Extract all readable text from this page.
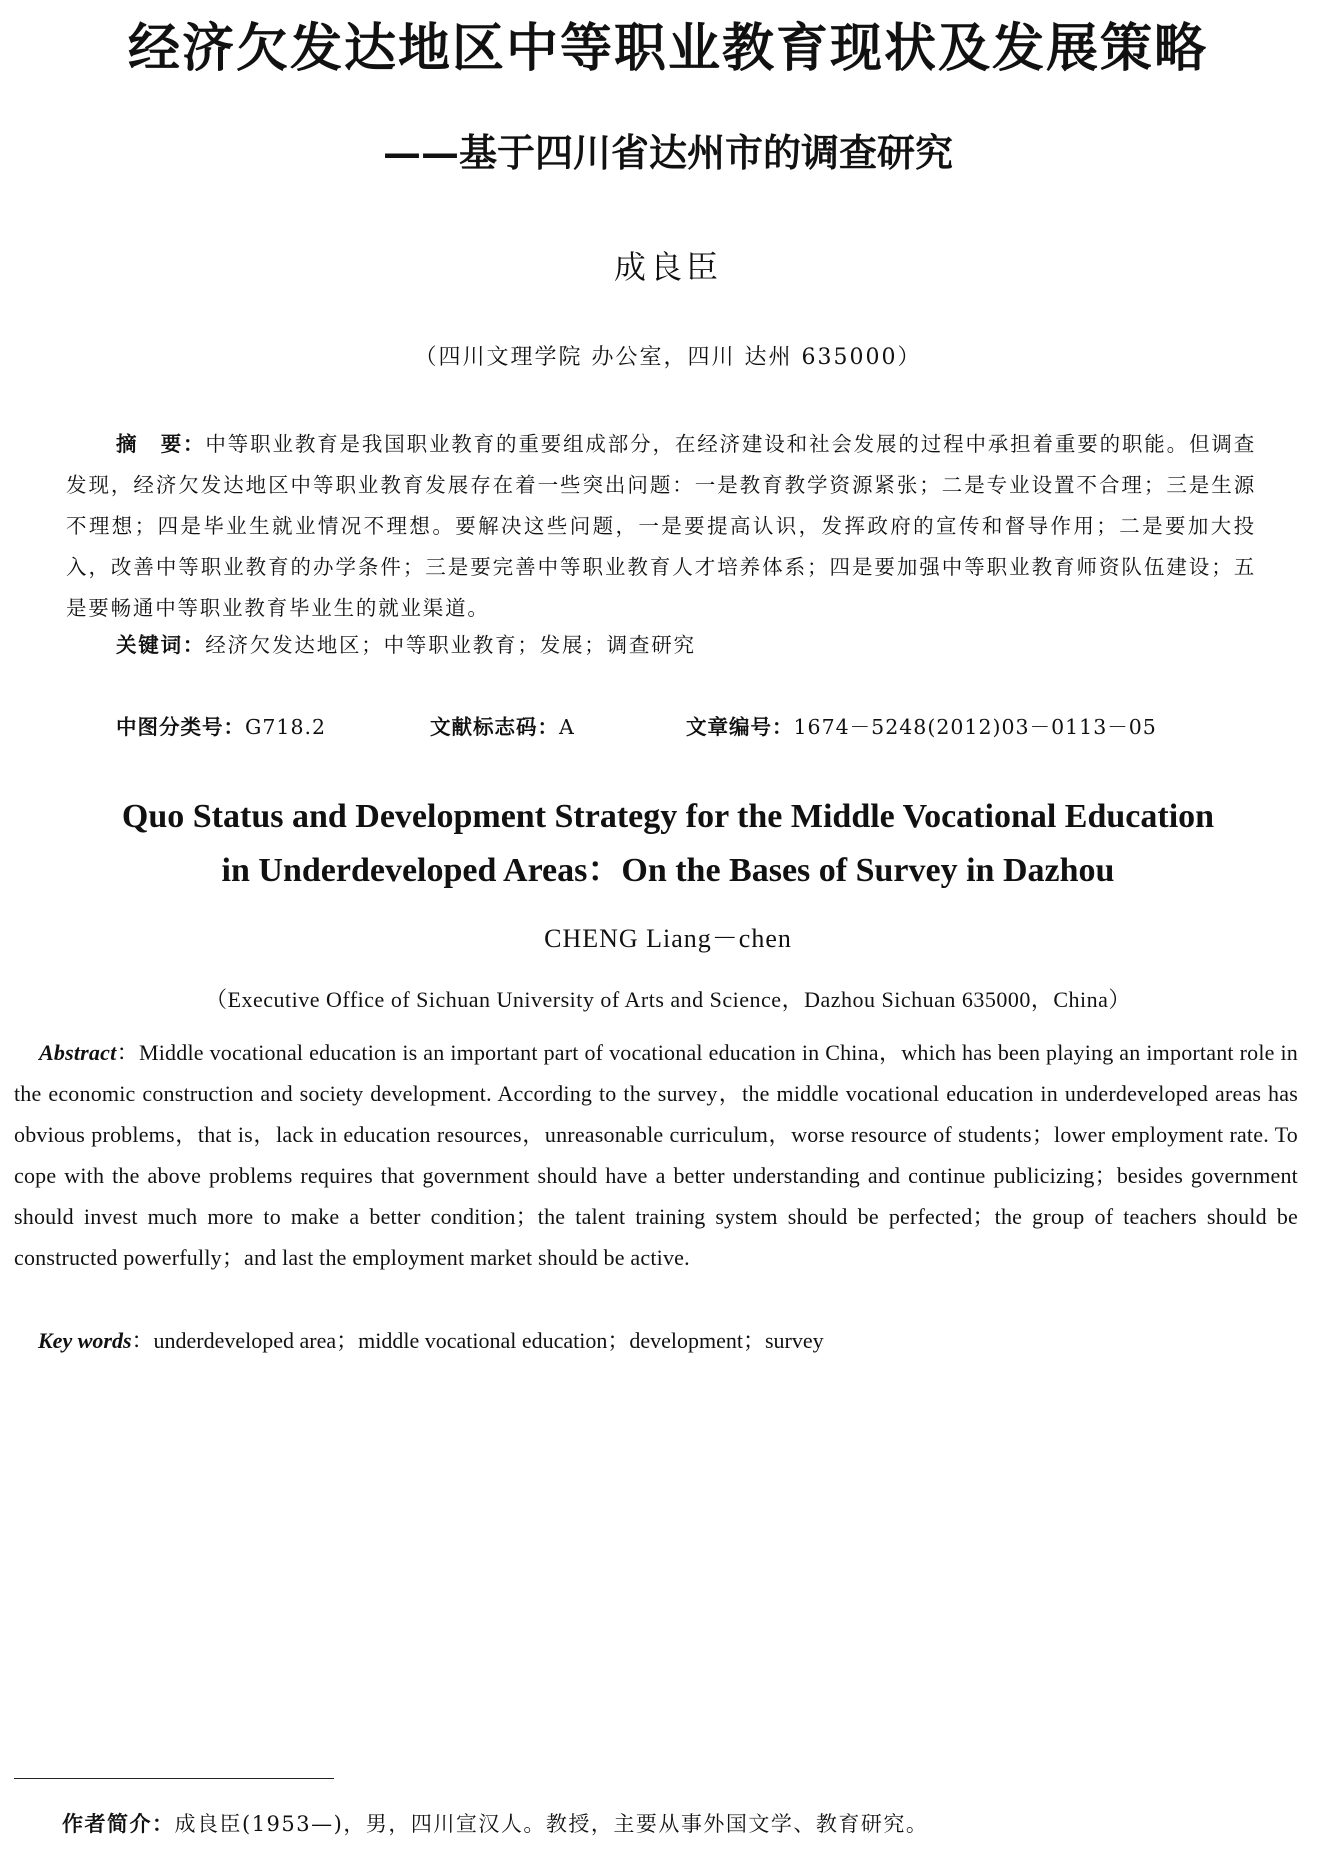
经济欠发达地区中等职业教育现状及发展策略
——基于四川省达州市的调查研究
成良臣
（四川文理学院 办公室，四川 达州 635000）

摘　要：中等职业教育是我国职业教育的重要组成部分，在经济建设和社会发展的过程中承担着重要的职能。但调查发现，经济欠发达地区中等职业教育发展存在着一些突出问题：一是教育教学资源紧张；二是专业设置不合理；三是生源不理想；四是毕业生就业情况不理想。要解决这些问题，一是要提高认识，发挥政府的宣传和督导作用；二是要加大投入，改善中等职业教育的办学条件；三是要完善中等职业教育人才培养体系；四是要加强中等职业教育师资队伍建设；五是要畅通中等职业教育毕业生的就业渠道。

关键词：经济欠发达地区；中等职业教育；发展；调查研究

中图分类号：G718.2	文献标志码：A	文章编号：1674－5248(2012)03－0113－05
Quo Status and Development Strategy for the Middle Vocational Education
in Underdeveloped Areas：On the Bases of Survey in Dazhou
CHENG Liang－chen
（Executive Office of Sichuan University of Arts and Science，Dazhou Sichuan 635000，China）

Abstract：Middle vocational education is an important part of vocational education in China，which has been playing an important role in the economic construction and society development. According to the survey，the middle vocational education in underdeveloped areas has obvious problems，that is，lack in education resources，unreasonable curriculum，worse resource of students；lower employment rate. To cope with the above problems requires that government should have a better understanding and continue publicizing；besides government should invest much more to make a better condition；the talent training system should be perfected；the group of teachers should be constructed powerfully；and last the employment market should be active.

Key words：underdeveloped area；middle vocational education；development；survey

作者简介：成良臣(1953—)，男，四川宣汉人。教授，主要从事外国文学、教育研究。
